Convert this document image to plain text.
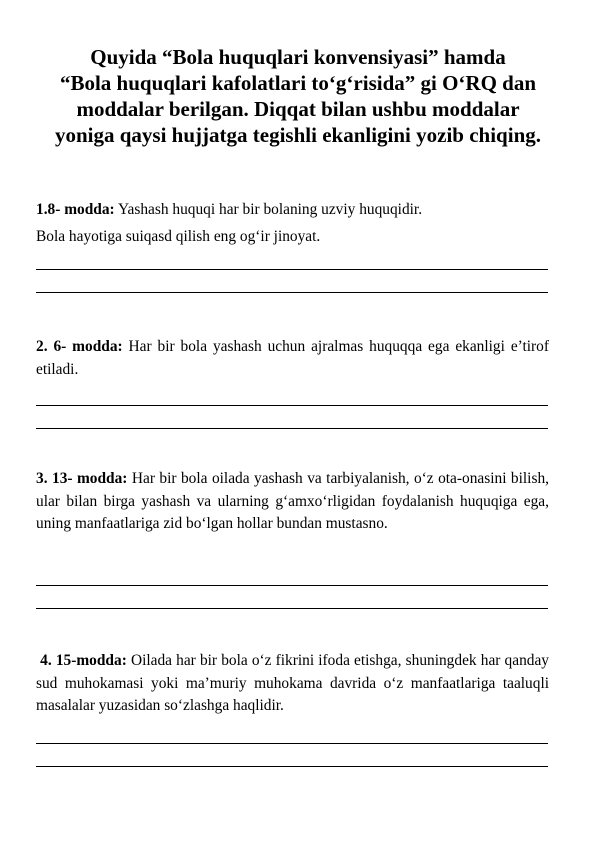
Quyida “Bola huquqlari konvensiyasi” hamda
“Bola huquqlari kafolatlari to‘g‘risida” gi O‘RQ dan
moddalar berilgan. Diqqat bilan ushbu moddalar
yoniga qaysi hujjatga tegishli ekanligini yozib chiqing.

1.8- modda: Yashash huquqi har bir bolaning uzviy huquqidir.

Bola hayotiga suiqasd qilish eng og‘ir jinoyat.

2. 6- modda: Har bir bola yashash uchun ajralmas huquqqa ega ekanligi e’tirof etiladi.

3. 13- modda: Har bir bola oilada yashash va tarbiyalanish, o‘z ota-onasini bilish, ular bilan birga yashash va ularning g‘amxo‘rligidan foydalanish huquqiga ega, uning manfaatlariga zid bo‘lgan hollar bundan mustasno.

4. 15-modda: Oilada har bir bola o‘z fikrini ifoda etishga, shuningdek har qanday sud muhokamasi yoki ma’muriy muhokama davrida o‘z manfaatlariga taaluqli masalalar yuzasidan so‘zlashga haqlidir.
